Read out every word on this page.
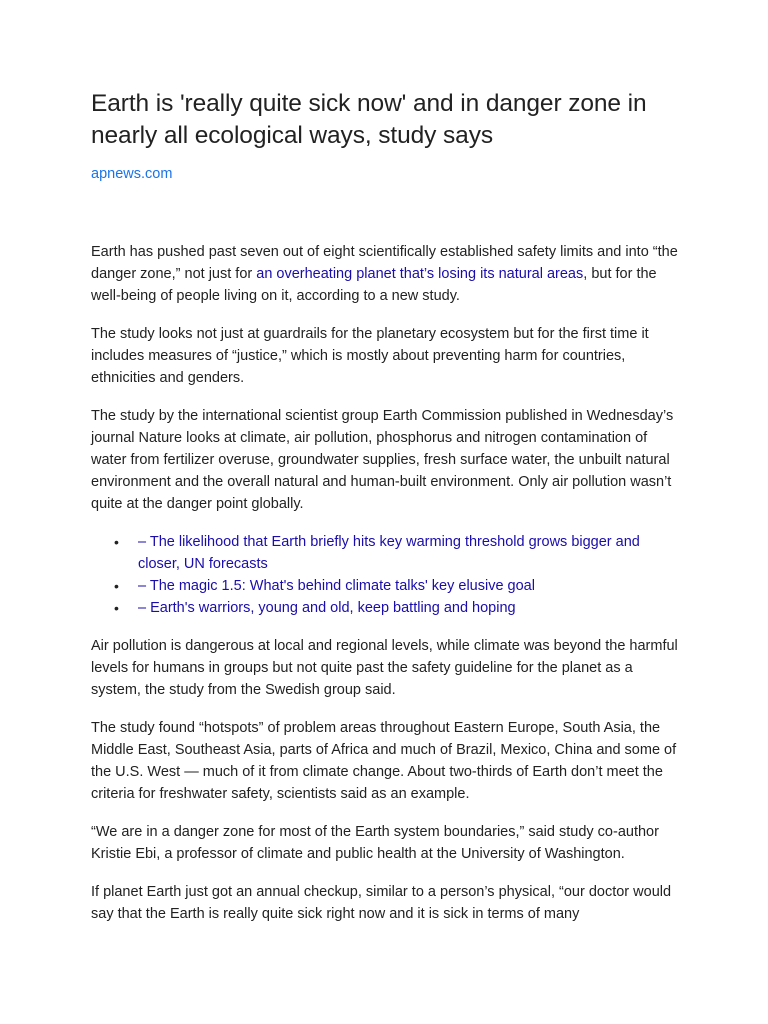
Earth is 'really quite sick now' and in danger zone in nearly all ecological ways, study says
apnews.com

Earth has pushed past seven out of eight scientifically established safety limits and into “the danger zone,” not just for an overheating planet that’s losing its natural areas, but for the well-being of people living on it, according to a new study.

The study looks not just at guardrails for the planetary ecosystem but for the first time it includes measures of “justice,” which is mostly about preventing harm for countries, ethnicities and genders.

The study by the international scientist group Earth Commission published in Wednesday’s journal Nature looks at climate, air pollution, phosphorus and nitrogen contamination of water from fertilizer overuse, groundwater supplies, fresh surface water, the unbuilt natural environment and the overall natural and human-built environment. Only air pollution wasn’t quite at the danger point globally.

• – The likelihood that Earth briefly hits key warming threshold grows bigger and closer, UN forecasts
• – The magic 1.5: What's behind climate talks' key elusive goal
• – Earth's warriors, young and old, keep battling and hoping

Air pollution is dangerous at local and regional levels, while climate was beyond the harmful levels for humans in groups but not quite past the safety guideline for the planet as a system, the study from the Swedish group said.

The study found “hotspots” of problem areas throughout Eastern Europe, South Asia, the Middle East, Southeast Asia, parts of Africa and much of Brazil, Mexico, China and some of the U.S. West — much of it from climate change. About two-thirds of Earth don’t meet the criteria for freshwater safety, scientists said as an example.

“We are in a danger zone for most of the Earth system boundaries,” said study co-author Kristie Ebi, a professor of climate and public health at the University of Washington.

If planet Earth just got an annual checkup, similar to a person’s physical, “our doctor would say that the Earth is really quite sick right now and it is sick in terms of many
